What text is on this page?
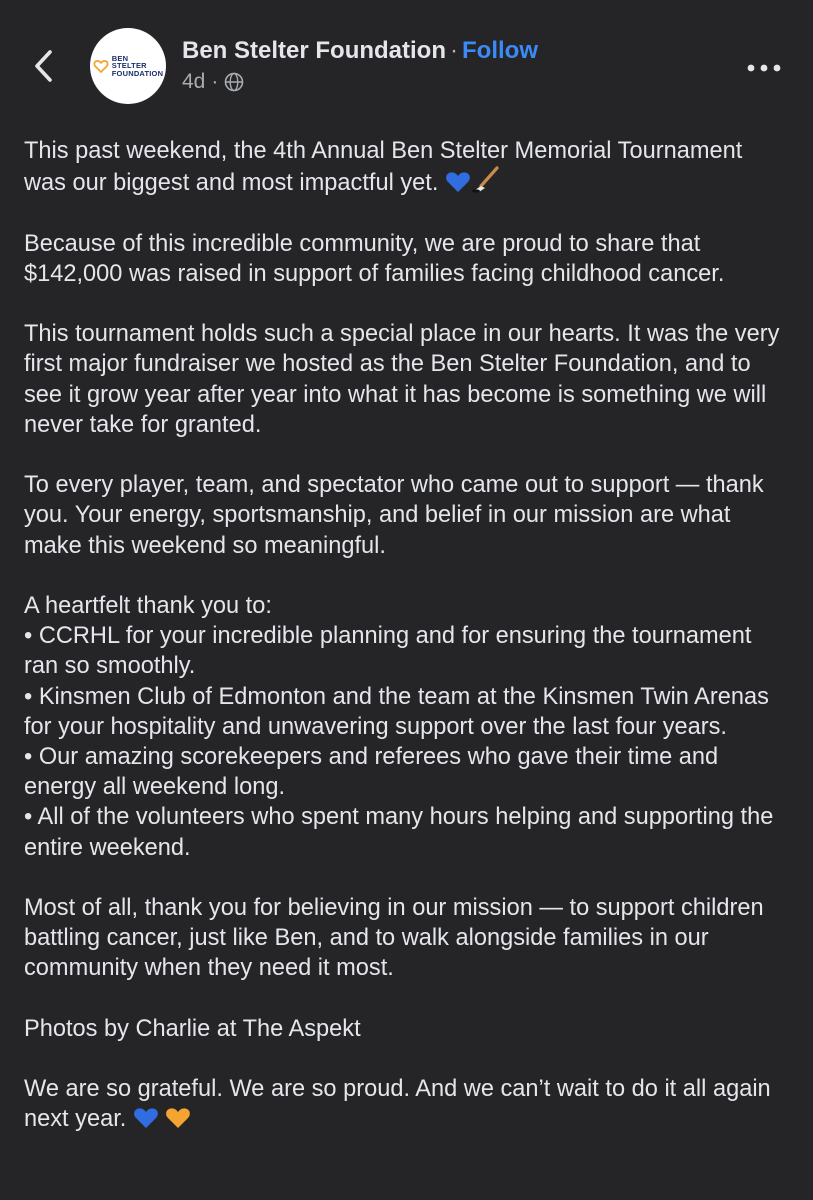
BEN
STELTER
FOUNDATION
Ben Stelter Foundation · Follow
4d ·

This past weekend, the 4th Annual Ben Stelter Memorial Tournament was our biggest and most impactful yet.

Because of this incredible community, we are proud to share that $142,000 was raised in support of families facing childhood cancer.

This tournament holds such a special place in our hearts. It was the very first major fundraiser we hosted as the Ben Stelter Foundation, and to see it grow year after year into what it has become is something we will never take for granted.

To every player, team, and spectator who came out to support — thank you. Your energy, sportsmanship, and belief in our mission are what make this weekend so meaningful.

A heartfelt thank you to:
• CCRHL for your incredible planning and for ensuring the tournament ran so smoothly.
• Kinsmen Club of Edmonton and the team at the Kinsmen Twin Arenas for your hospitality and unwavering support over the last four years.
• Our amazing scorekeepers and referees who gave their time and energy all weekend long.
• All of the volunteers who spent many hours helping and supporting the entire weekend.

Most of all, thank you for believing in our mission — to support children battling cancer, just like Ben, and to walk alongside families in our community when they need it most.

Photos by Charlie at The Aspekt

We are so grateful. We are so proud. And we can’t wait to do it all again next year.
